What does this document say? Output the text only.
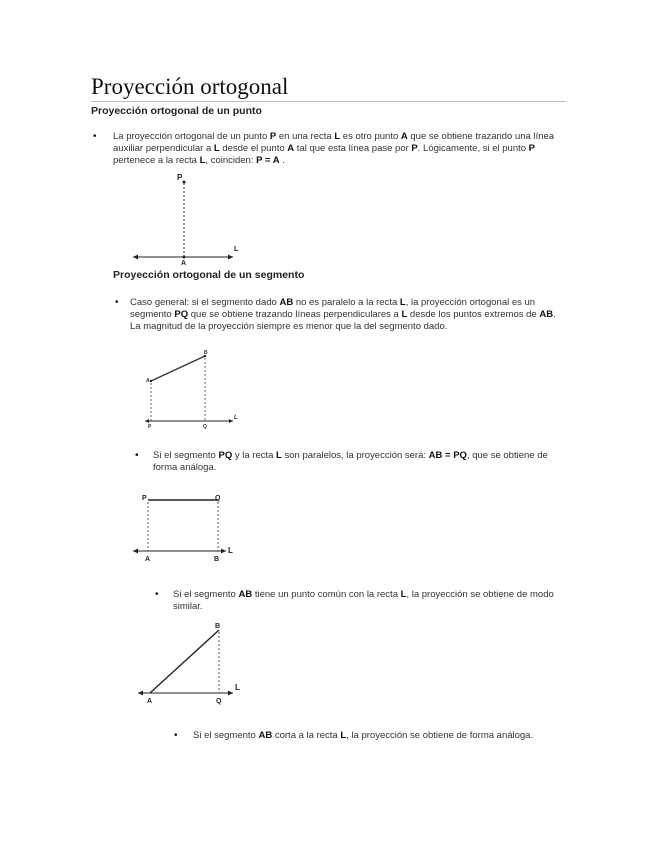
Proyección ortogonal
Proyección ortogonal de un punto
• La proyección ortogonal de un punto P en una recta L es otro punto A que se obtiene trazando una línea auxiliar perpendicular a L desde el punto A tal que esta línea pase por P. Lógicamente, si el punto P pertenece a la recta L, coinciden: P = A .
P
A
L
Proyección ortogonal de un segmento
• Caso general: si el segmento dado AB no es paralelo a la recta L, la proyección ortogonal es un segmento PQ que se obtiene trazando líneas perpendiculares a L desde los puntos extremos de AB. La magnitud de la proyección siempre es menor que la del segmento dado.
A
B
P	Q
L
• Si el segmento PQ y la recta L son paralelos, la proyección será: AB = PQ, que se obtiene de forma análoga.
P	Q
A	B
L
• Si el segmento AB tiene un punto común con la recta L, la proyección se obtiene de modo similar.
B
A	Q
L
• Si el segmento AB corta a la recta L, la proyección se obtiene de forma análoga.
